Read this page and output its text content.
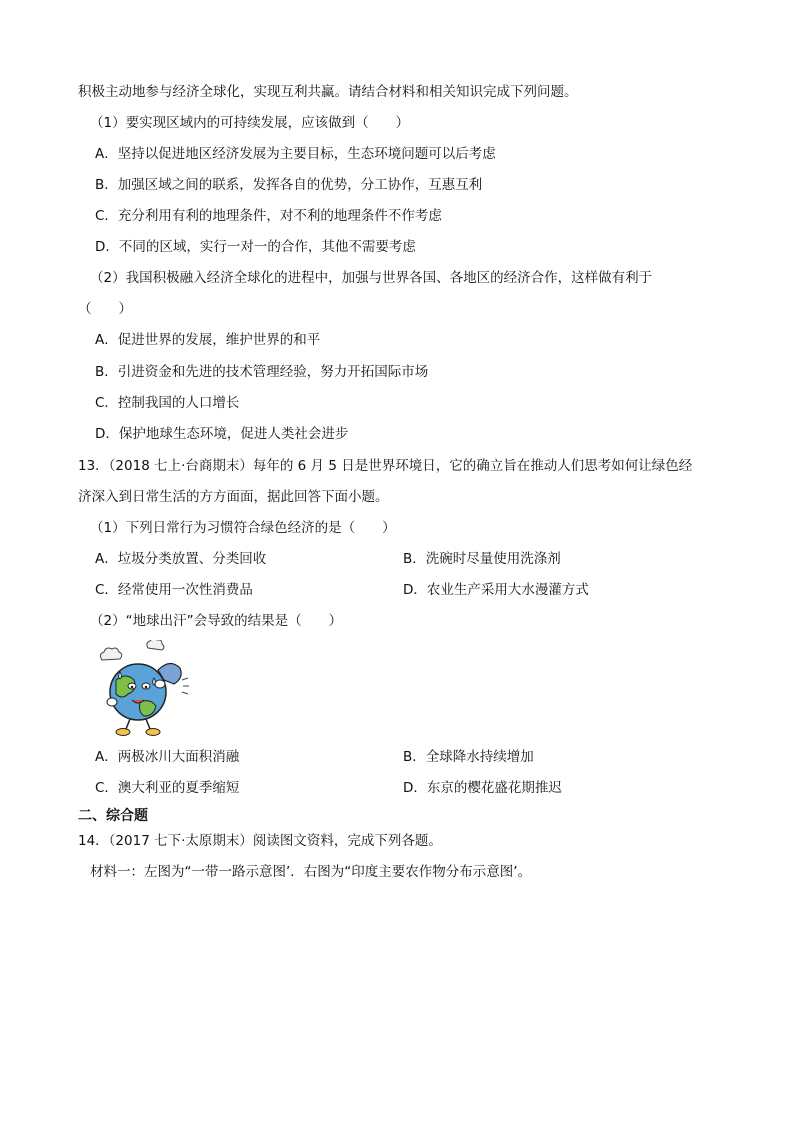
积极主动地参与经济全球化，实现互利共赢。请结合材料和相关知识完成下列问题。
（1）要实现区域内的可持续发展，应该做到（　　）
A．坚持以促进地区经济发展为主要目标，生态环境问题可以后考虑
B．加强区域之间的联系，发挥各自的优势，分工协作，互惠互利
C．充分利用有利的地理条件，对不利的地理条件不作考虑
D．不同的区域，实行一对一的合作，其他不需要考虑
（2）我国积极融入经济全球化的进程中，加强与世界各国、各地区的经济合作，这样做有利于
（　　）
A．促进世界的发展，维护世界的和平
B．引进资金和先进的技术管理经验，努力开拓国际市场
C．控制我国的人口增长
D．保护地球生态环境，促进人类社会进步
13．（2018 七上·台商期末）每年的 6 月 5 日是世界环境日，它的确立旨在推动人们思考如何让绿色经
济深入到日常生活的方方面面，据此回答下面小题。
（1）下列日常行为习惯符合绿色经济的是（　　）
A．垃圾分类放置、分类回收	B．洗碗时尽量使用洗涤剂
C．经常使用一次性消费品	D．农业生产采用大水漫灌方式
（2）“地球出汗”会导致的结果是（　　）
A．两极冰川大面积消融	B．全球降水持续增加
C．澳大利亚的夏季缩短	D．东京的樱花盛花期推迟
二、综合题
14．（2017 七下·太原期末）阅读图文资料，完成下列各题。
材料一：左图为“一带一路示意图’．右图为“印度主要农作物分布示意图’。
